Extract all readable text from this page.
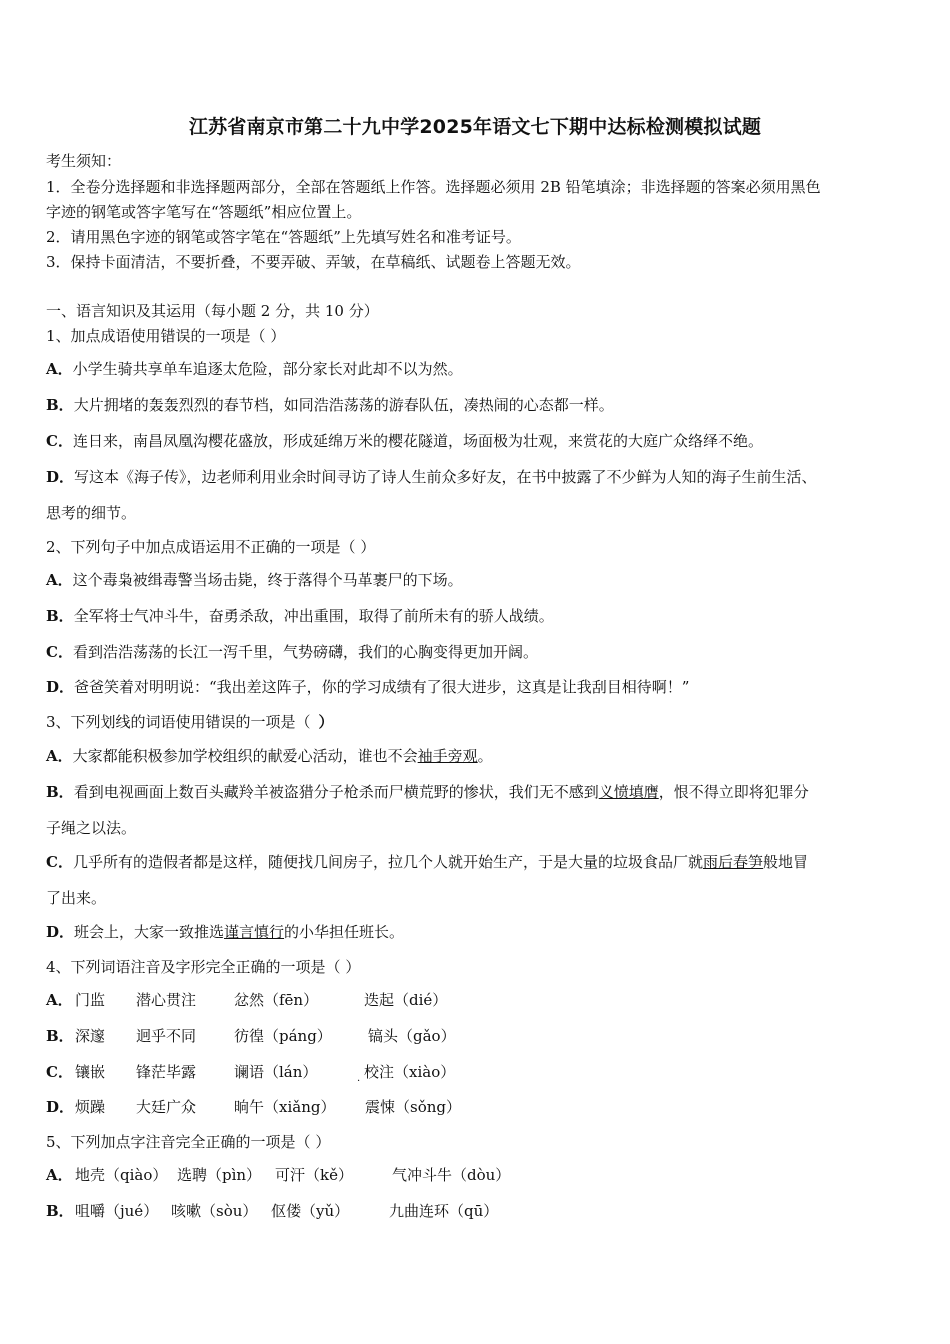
江苏省南京市第二十九中学2025年语文七下期中达标检测模拟试题
考生须知：
1．全卷分选择题和非选择题两部分，全部在答题纸上作答。选择题必须用 2B 铅笔填涂；非选择题的答案必须用黑色
字迹的钢笔或答字笔写在“答题纸”相应位置上。
2．请用黑色字迹的钢笔或答字笔在“答题纸”上先填写姓名和准考证号。
3．保持卡面清洁，不要折叠，不要弄破、弄皱，在草稿纸、试题卷上答题无效。
一、语言知识及其运用（每小题 2 分，共 10 分）
1、加点成语使用错误的一项是（ ）
A．小学生骑共享单车追逐太危险，部分家长对此却不以为然。
B．大片拥堵的轰轰烈烈的春节档，如同浩浩荡荡的游春队伍，凑热闹的心态都一样。
C．连日来，南昌凤凰沟樱花盛放，形成延绵万米的樱花隧道，场面极为壮观，来赏花的大庭广众络绎不绝。
D．写这本《海子传》，边老师利用业余时间寻访了诗人生前众多好友，在书中披露了不少鲜为人知的海子生前生活、
思考的细节。
2、下列句子中加点成语运用不正确的一项是（ ）
A．这个毒枭被缉毒警当场击毙，终于落得个马革裹尸的下场。
B．全军将士气冲斗牛，奋勇杀敌，冲出重围，取得了前所未有的骄人战绩。
C．看到浩浩荡荡的长江一泻千里，气势磅礴，我们的心胸变得更加开阔。
D．爸爸笑着对明明说：“我出差这阵子，你的学习成绩有了很大进步，这真是让我刮目相待啊！”
3、下列划线的词语使用错误的一项是（ ）
A．大家都能积极参加学校组织的献爱心活动，谁也不会袖手旁观。
B．看到电视画面上数百头藏羚羊被盗猎分子枪杀而尸横荒野的惨状，我们无不感到义愤填膺，恨不得立即将犯罪分
子绳之以法。
C．几乎所有的造假者都是这样，随便找几间房子，拉几个人就开始生产，于是大量的垃圾食品厂就雨后春笋般地冒
了出来。
D．班会上，大家一致推选谨言慎行的小华担任班长。
4、下列词语注音及字形完全正确的一项是（ ）
A． 门监 潜心贯注	忿然（fēn）	迭起（dié）
B． 深邃 迥乎不同	彷徨（páng） 镐头（gǎo）
C． 镶嵌 锋茫毕露	谰语（lán）	校注（xiào）
D． 烦躁 大廷广众	晌午（xiǎng） 震悚（sǒng）
5、下列加点字注音完全正确的一项是（ ）
A． 地壳（qiào） 选聘（pìn） 可汗（kě）	气冲斗牛（dòu）
B． 咀嚼（jué） 咳嗽（sòu） 伛偻（yǔ）	九曲连环（qū）
·
